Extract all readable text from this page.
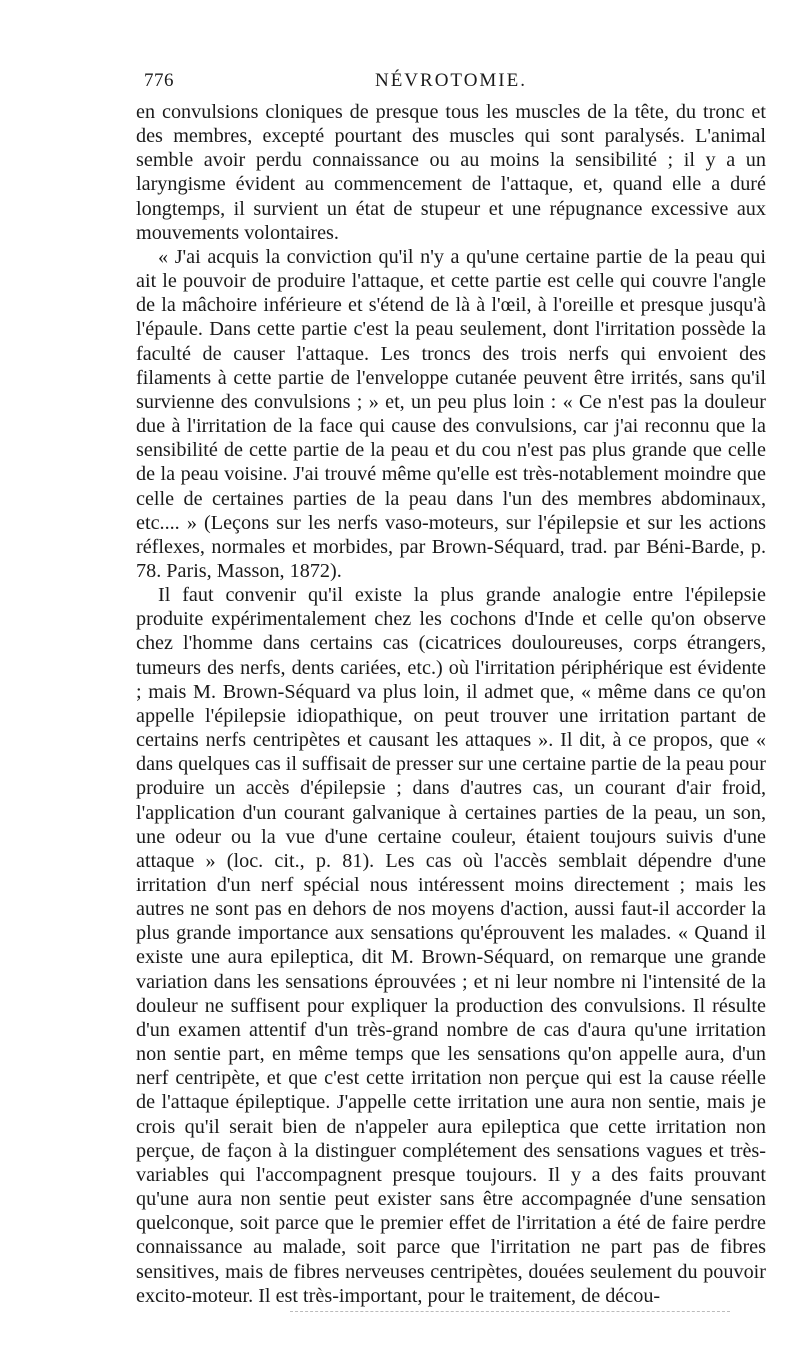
776	NÉVROTOMIE.

en convulsions cloniques de presque tous les muscles de la tête, du tronc et des membres, excepté pourtant des muscles qui sont paralysés. L'animal semble avoir perdu connaissance ou au moins la sensibilité ; il y a un laryngisme évident au commencement de l'attaque, et, quand elle a duré longtemps, il survient un état de stupeur et une répugnance excessive aux mouvements volontaires.

« J'ai acquis la conviction qu'il n'y a qu'une certaine partie de la peau qui ait le pouvoir de produire l'attaque, et cette partie est celle qui couvre l'angle de la mâchoire inférieure et s'étend de là à l'œil, à l'oreille et presque jusqu'à l'épaule. Dans cette partie c'est la peau seulement, dont l'irritation possède la faculté de causer l'attaque. Les troncs des trois nerfs qui envoient des filaments à cette partie de l'enveloppe cutanée peuvent être irrités, sans qu'il survienne des convulsions ; » et, un peu plus loin : « Ce n'est pas la douleur due à l'irritation de la face qui cause des convulsions, car j'ai reconnu que la sensibilité de cette partie de la peau et du cou n'est pas plus grande que celle de la peau voisine. J'ai trouvé même qu'elle est très-notablement moindre que celle de certaines parties de la peau dans l'un des membres abdominaux, etc.... » (Leçons sur les nerfs vaso-moteurs, sur l'épilepsie et sur les actions réflexes, normales et morbides, par Brown-Séquard, trad. par Béni-Barde, p. 78. Paris, Masson, 1872).

Il faut convenir qu'il existe la plus grande analogie entre l'épilepsie produite expérimentalement chez les cochons d'Inde et celle qu'on observe chez l'homme dans certains cas (cicatrices douloureuses, corps étrangers, tumeurs des nerfs, dents cariées, etc.) où l'irritation périphérique est évidente ; mais M. Brown-Séquard va plus loin, il admet que, « même dans ce qu'on appelle l'épilepsie idiopathique, on peut trouver une irritation partant de certains nerfs centripètes et causant les attaques ». Il dit, à ce propos, que « dans quelques cas il suffisait de presser sur une certaine partie de la peau pour produire un accès d'épilepsie ; dans d'autres cas, un courant d'air froid, l'application d'un courant galvanique à certaines parties de la peau, un son, une odeur ou la vue d'une certaine couleur, étaient toujours suivis d'une attaque » (loc. cit., p. 81). Les cas où l'accès semblait dépendre d'une irritation d'un nerf spécial nous intéressent moins directement ; mais les autres ne sont pas en dehors de nos moyens d'action, aussi faut-il accorder la plus grande importance aux sensations qu'éprouvent les malades. « Quand il existe une aura epileptica, dit M. Brown-Séquard, on remarque une grande variation dans les sensations éprouvées ; et ni leur nombre ni l'intensité de la douleur ne suffisent pour expliquer la production des convulsions. Il résulte d'un examen attentif d'un très-grand nombre de cas d'aura qu'une irritation non sentie part, en même temps que les sensations qu'on appelle aura, d'un nerf centripète, et que c'est cette irritation non perçue qui est la cause réelle de l'attaque épileptique. J'appelle cette irritation une aura non sentie, mais je crois qu'il serait bien de n'appeler aura epileptica que cette irritation non perçue, de façon à la distinguer complétement des sensations vagues et très-variables qui l'accompagnent presque toujours. Il y a des faits prouvant qu'une aura non sentie peut exister sans être accompagnée d'une sensation quelconque, soit parce que le premier effet de l'irritation a été de faire perdre connaissance au malade, soit parce que l'irritation ne part pas de fibres sensitives, mais de fibres nerveuses centripètes, douées seulement du pouvoir excito-moteur. Il est très-important, pour le traitement, de décou-
